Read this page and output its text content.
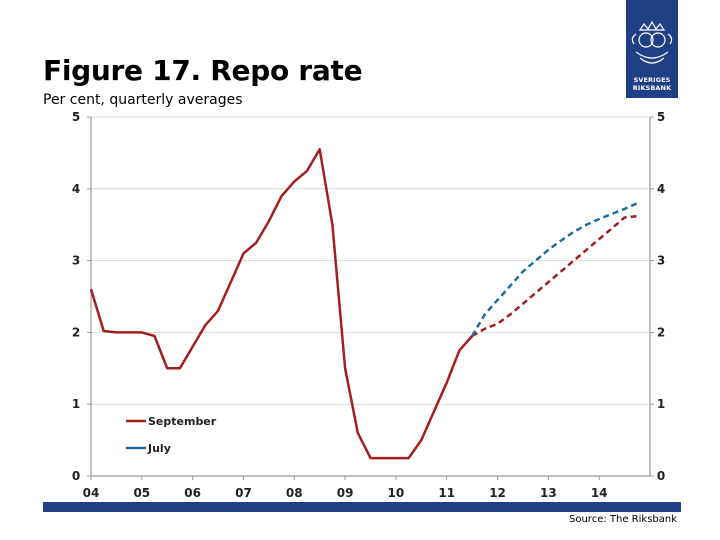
Figure 17. Repo rate
Per cent, quarterly averages
SVERIGES
RIKSBANK
0	0
1	1
2	2
3	3
4	4
5	5
04	05	06	07	08	09	10	11	12	13	14
September
July
Source: The Riksbank
